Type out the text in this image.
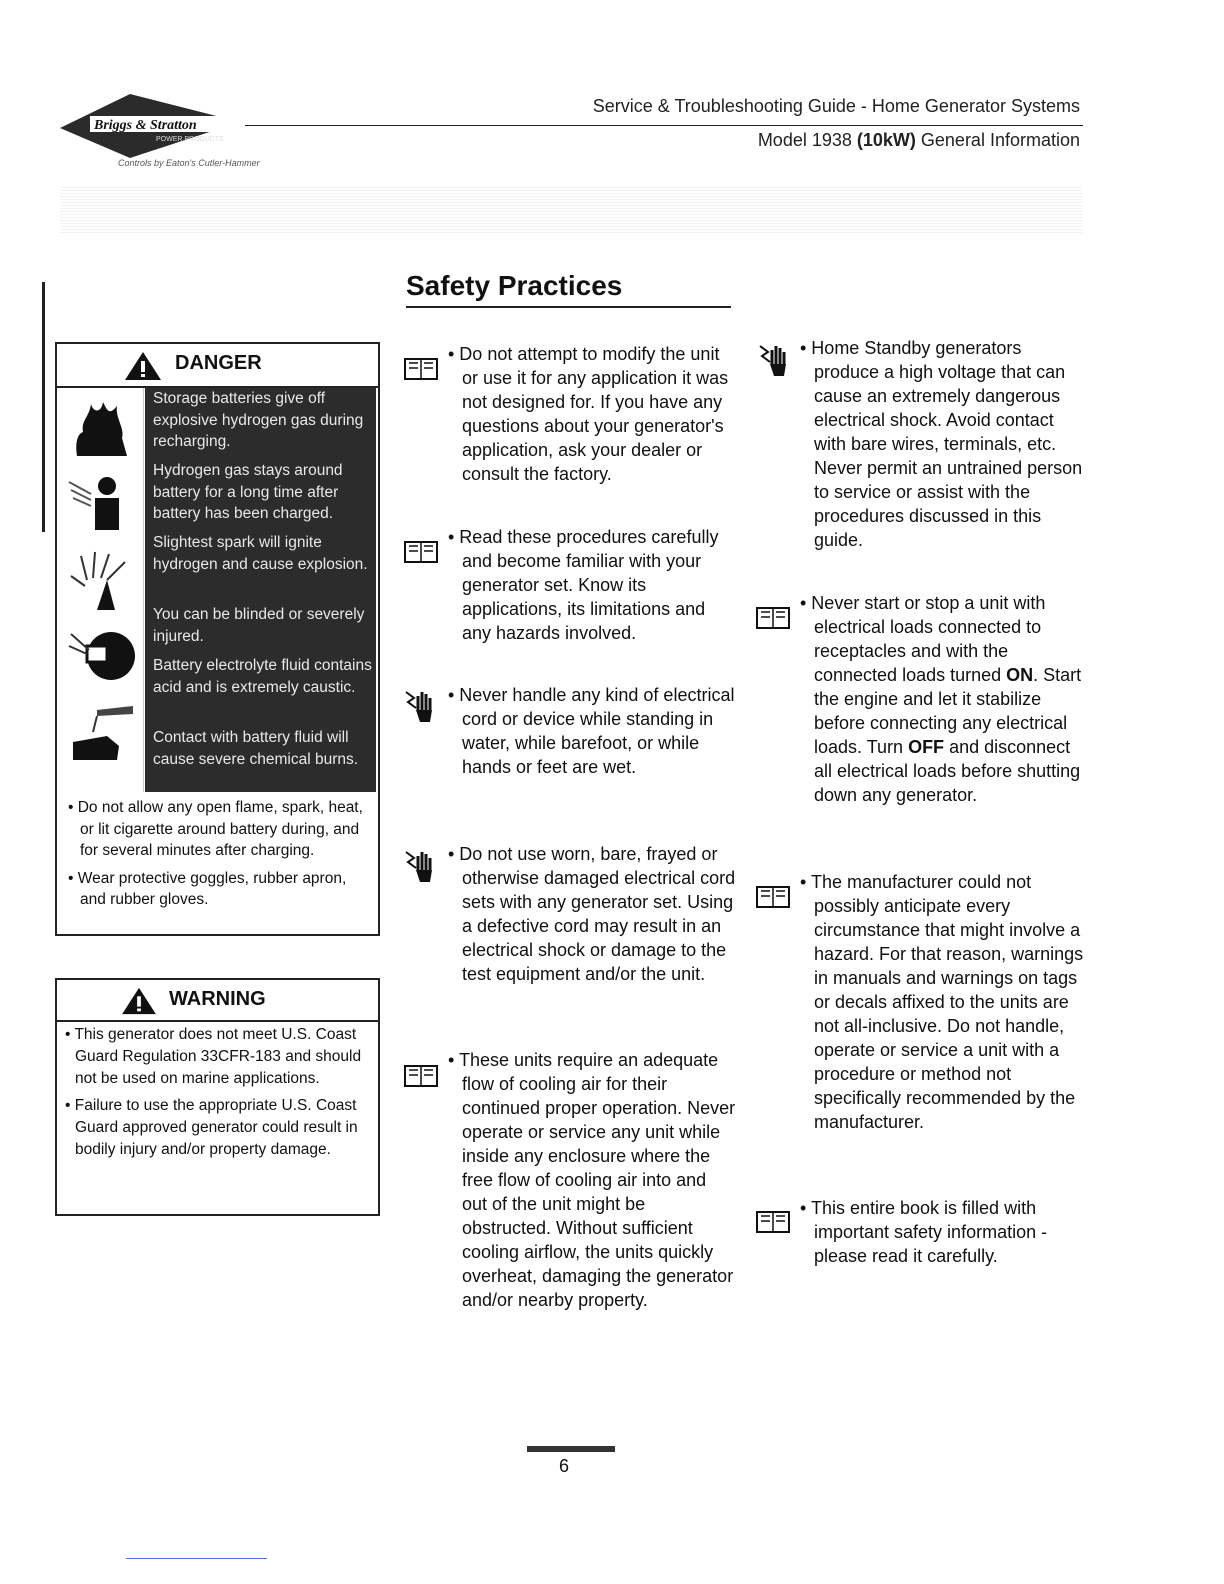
Briggs & Stratton
POWER PRODUCTS
Controls by Eaton's Cutler-Hammer
Service & Troubleshooting Guide - Home Generator Systems
Model 1938 (10kW) General Information
Safety Practices
DANGER
Storage batteries give off explosive hydrogen gas during recharging.
Hydrogen gas stays around battery for a long time after battery has been charged.
Slightest spark will ignite hydrogen and cause explosion.
You can be blinded or severely injured.
Battery electrolyte fluid contains acid and is extremely caustic.
Contact with battery fluid will cause severe chemical burns.
• Do not allow any open flame, spark, heat, or lit cigarette around battery during, and for several minutes after charging.
• Wear protective goggles, rubber apron, and rubber gloves.
WARNING
• This generator does not meet U.S. Coast Guard Regulation 33CFR-183 and should not be used on marine applications.
• Failure to use the appropriate U.S. Coast Guard approved generator could result in bodily injury and/or property damage.
• Do not attempt to modify the unit or use it for any application it was not designed for. If you have any questions about your generator's application, ask your dealer or consult the factory.
• Read these procedures carefully and become familiar with your generator set. Know its applications, its limitations and any hazards involved.
• Never handle any kind of electrical cord or device while standing in water, while barefoot, or while hands or feet are wet.
• Do not use worn, bare, frayed or otherwise damaged electrical cord sets with any generator set. Using a defective cord may result in an electrical shock or damage to the test equipment and/or the unit.
• These units require an adequate flow of cooling air for their continued proper operation. Never operate or service any unit while inside any enclosure where the free flow of cooling air into and out of the unit might be obstructed. Without sufficient cooling airflow, the units quickly overheat, damaging the generator and/or nearby property.
• Home Standby generators produce a high voltage that can cause an extremely dangerous electrical shock. Avoid contact with bare wires, terminals, etc. Never permit an untrained person to service or assist with the procedures discussed in this guide.
• Never start or stop a unit with electrical loads connected to receptacles and with the connected loads turned ON. Start the engine and let it stabilize before connecting any electrical loads. Turn OFF and disconnect all electrical loads before shutting down any generator.
• The manufacturer could not possibly anticipate every circumstance that might involve a hazard. For that reason, warnings in manuals and warnings on tags or decals affixed to the units are not all-inclusive. Do not handle, operate or service a unit with a procedure or method not specifically recommended by the manufacturer.
• This entire book is filled with important safety information - please read it carefully.
6
